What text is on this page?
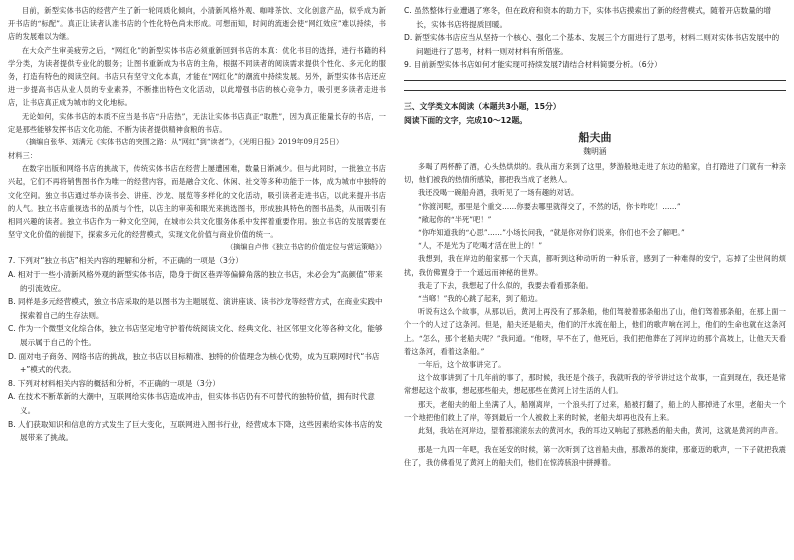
目前，新型实体书店的经营产生了新一轮同质化倾向，小清新风格外观、咖啡茶饮、文化创意产品，似乎成为新开书店的“标配”。真正让读者认准书店的个性化特色尚未形成。可想而知，时间的流逝会使“网红效应”难以持续，书店的发展难以为继。

在大众产生审美疲劳之后，“网红化”的新型实体书店必须重新回到书店的本真：优化书目的选择，进行书籍的科学分类，为读者提供专业化的服务；让图书重新成为书店的主角，根据不同读者的阅读需求提供个性化、多元化的服务，打造有特色的阅读空间。书店只有坚守文化本真，才能在“网红化”的潮流中持续发展。另外，新型实体书店还应进一步提高书店从业人员的专业素养，不断推出特色文化活动，以此增强书店的核心竞争力，吸引更多读者走进书店，让书店真正成为城市的文化地标。

无论如何，实体书店的本质不应当是书店“升店热”，无法让实体书店真正“取胜”，因为真正能量长存的书店，一定是那些能够发挥书店文化功能、不断为读者提供精神食粮的书店。

（摘编自张华、刘满元《实体书店的突围之路：从“网红”到“读者”》，《光明日报》2019年09月25日）

材料三：

在数字出版和网络书店的挑战下，传统实体书店在经营上屡遭困难，数量日渐减少。但与此同时，一批独立书店兴起，它们不再将销售图书作为唯一的经营内容，而是融合文化、休闲、社交等多种功能于一体，成为城市中独特的文化空间。独立书店通过举办读书会、讲座、沙龙、展览等多样化的文化活动，吸引读者走进书店，以此来提升书店的人气。独立书店重视选书的品质与个性，以店主的审美和眼光来挑选图书，形成独具特色的图书品类，从而吸引有相同兴趣的读者。独立书店作为一种文化空间，在城市公共文化服务体系中发挥着重要作用。独立书店的发展需要在坚守文化价值的前提下，探索多元化的经营模式，实现文化价值与商业价值的统一。

（摘编自卢伟《独立书店的价值定位与营运策略》）

7. 下列对“独立书店”相关内容的理解和分析，不正确的一项是（3分）

A. 相对于一些小清新风格外观的新型实体书店，隐身于街区巷弄等偏僻角落的独立书店，未必会为“高颜值”带来的引流效应。

B. 同样是多元经营模式，独立书店采取的是以图书为主题展览、演讲座谈、读书沙龙等经营方式，在商业实践中探索着自己的生存法则。

C. 作为一个微型文化综合体，独立书店坚定地守护着传统阅读文化、经典文化、社区邻里文化等各种文化，能够展示属于自己的个性。

D. 面对电子商务、网络书店的挑战，独立书店以目标精准、独特的价值理念为核心优势，成为互联网时代“书店+”模式的代表。

8. 下列对材料相关内容的概括和分析，不正确的一项是（3分）

A. 在技术不断革新的大潮中，互联网给实体书店造成冲击，但实体书店仍有不可替代的独特价值，拥有时代意义。

B. 人们获取知识和信息的方式发生了巨大变化，互联网进入图书行业，经营成本下降，这些因素给实体书店的发展带来了挑战。

C. 虽然整体行业遭遇了寒冬，但在政府和资本的助力下，实体书店摸索出了新的经营模式，随着开店数量的增长，实体书店将提质回暖。

D. 新型实体书店应当从坚持一个核心、强化二个基本、发展三个方面进行了思考，材料二则对实体书店发展中的问题进行了思考，材料一则对材料有所借鉴。

9. 目前新型实体书店如何才能实现可持续发展?请结合材料简要分析。（6分）

三、文学类文本阅读（本题共3小题，15分）

阅读下面的文字，完成10～12题。

船夫曲

魏明涵

多喝了两杯醉了酒，心头热烘烘的。我从南方来到了这里，梦游般地走进了东边的船家，自打踏进了门就有一种亲切，他们被我的热情所感染，都把我当成了老熟人。

我还没喝一碗船舟酒，我听见了一场有趣的对话。

“你渡河呢，那里是个重交……你要去哪里就得交了，不然的话，你卡咋吃！……”

“敞起你的“半死”吧！”

“你咋知道我的“心思”……”小场长问我，“就是你对你们说来，你们也不会了解吧。”

“人，不是光为了吃喝才活在世上的！”

我想到，我在岸边的船家那一个天真，都听到这种动听的一种乐音，感到了一种难得的安宁，忘掉了尘世间的烦扰，我仿佛置身于一个遥远而神秘的世界。

我走了下去，我想起了什么似的，我要去看看那条船。

“当啷！”我的心跳了起来，到了船边。

听说有这么个故事，从那以后，黄河上再没有了那条船，他们驾驶着那条船出了山，他们驾着那条船，在那上面一个一个的人过了这条河。但是，船夫还是船夫，他们的汗水流在船上，他们的歌声响在河上，他们的生命也就在这条河上。“怎么，那个老船夫呢？”我问道。“他呀，早不在了，他死后，我们把他葬在了河岸边的那个高坡上，让他天天看着这条河，看着这条船。”

一年后，这个故事讲完了。

这个故事讲到了十几年前的事了，那时候，我还是个孩子，我就听我的爷爷讲过这个故事，一直到现在，我还是常常想起这个故事，想起那些船夫，想起那些在黄河上讨生活的人们。

那天，老船夫的船上坐满了人，船刚离岸，一个浪头打了过来，船被打翻了，船上的人都掉进了水里，老船夫一个一个地把他们救上了岸，等到最后一个人被救上来的时候，老船夫却再也没有上来。

此刻，我站在河岸边，望着那滚滚东去的黄河水，我的耳边又响起了那熟悉的船夫曲，黄河，这就是黄河的声音。

那是一九四一年吧，我在延安的时候，第一次听到了这首船夫曲，那激昂的旋律，那豪迈的歌声，一下子就把我震住了，我仿佛看见了黄河上的船夫们，他们在惊涛骇浪中拼搏着。
